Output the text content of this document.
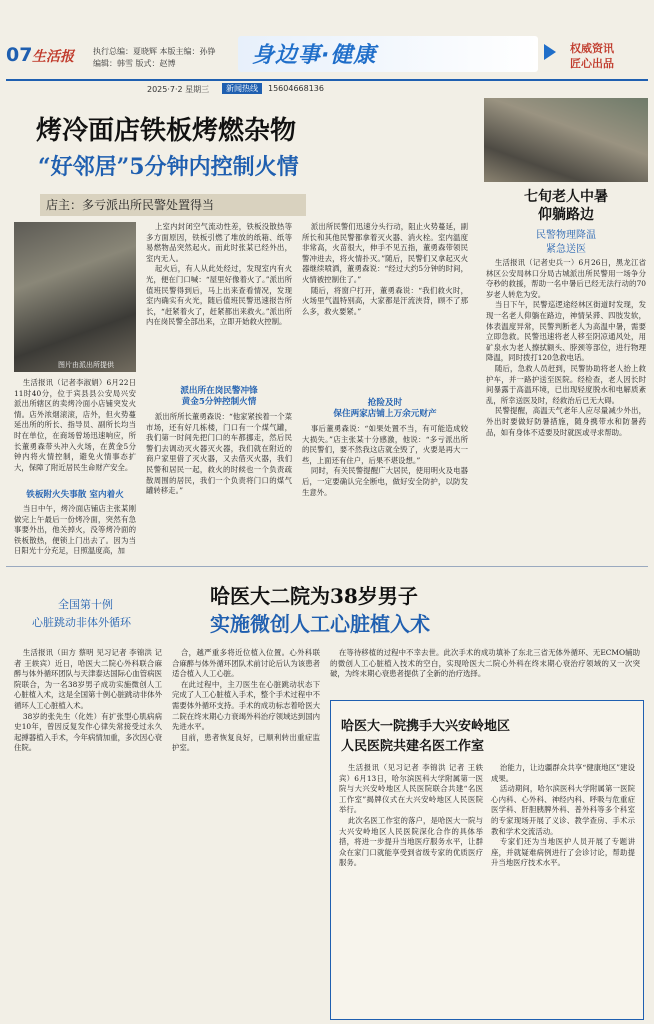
07 生活报 执行总编：夏晓辉 本版主编：孙铮
编辑：韩雪 版式：赵博	身边事·健康	权威资讯
匠心出品
2025·7·2 星期三	新闻热线	15604668136
烤冷面店铁板烤燃杂物
“好邻居”5分钟内控制火情
店主：多亏派出所民警处置得当
图片由派出所提供

生活报讯（记者李淑娟）6月22日11时40分，位于宾县县公安局兴安派出所辖区的卖烤冷面小店铺突发火情。店外浓烟滚滚，店外，但火势蔓延出所的所长、指导员、副所长均当时在单位，在商场曾场迅速响应，所长董勇森带头冲入火场，在黄金5分钟内将火情控制，避免火情事态扩大，保障了附近居民生命财产安全。

铁板附火失事散 室内着火

当日中午，烤冷面店铺店主张某刚做完上午最后一份烤冷面，突然有急事要外出，他关掉火，没等烤冷面的铁板散热，便锁上门出去了。因为当日阳光十分充足，日照温度高，加

上室内封闭空气流动性差，铁板没散热等多方面原因，铁板引燃了堆放的纸箱、纸等易燃物品突然起火。而此时张某已经外出，室内无人。

起火后，有人从此处经过，发现室内有火光，便在门口喊：“屋里好像着火了。”派出所值班民警得到后，马上出来查看情况，发现室内确实有火光，随后值班民警迅速报告所长，“赶紧着火了，赶紧都出来救火。”派出所内在岗民警全部出来，立即开始救火控制。

派出所在岗民警冲锋
黄金5分钟控制火情

派出所所长董勇森说：“他家紧挨着一个菜市场，还有好几栋楼，门口有一个煤气罐，我们第一时间先把门口的车都挪走，然后民警们去调动灭火器灭火器，我们就在附近的商户家里借了灭火器，又去借灭火器，我们民警和居民一起，救火的时候也一个负责疏散周围的居民，我们一个负责将门口的煤气罐转移走。”

派出所民警们迅速分头行动，阻止火势蔓延，副所长和其他民警都拿着灭火器、消火栓。室内温度非常高，火苗很大，伸手不见五指，董勇森带领民警冲进去，将火情扑灭。”随后，民警们又拿起灭火器继续喷洒，董勇森说：“经过大约5分钟的时间，火情被控制住了。”

随后，将窗户打开，董勇森说：“我们救火时，火场里气温特别高，大家都是汗流浃背，顾不了那么多，救火要紧。”

抢险及时
保住两家店铺上万余元财产

事后董勇森说：“如果处置不当，有可能造成较大损失。”店主张某十分感激，他说：“多亏派出所的民警们，要不然我这店就全毁了，火要是再大一些，上面还有住户，后果不堪设想。”

同时，有关民警提醒广大居民，使用明火及电器后，一定要确认完全断电，做好安全防护，以防发生意外。

七旬老人中暑
仰躺路边
民警物理降温
紧急送医

生活报讯（记者史兵一）6月26日，黑龙江省林区公安局林口分局古城派出所民警用一场争分夺秒的救援，帮助一名中暑后已经无法行动的70岁老人转危为安。

当日下午，民警巡逻途经林区街道时发现，发现一名老人仰躺在路边，神情呆滞、四肢发软，体表温度异常，民警判断老人为高温中暑，需要立即急救。民警迅速将老人移至阴凉通风处，用矿泉水为老人擦拭额头、脖颈等部位，进行物理降温，同时拨打120急救电话。

随后，急救人员赶到，民警协助将老人抬上救护车，并一路护送至医院。经检查，老人因长时间暴露于高温环境，已出现轻度脱水和电解质紊乱，所幸送医及时，经救治后已无大碍。

民警提醒，高温天气老年人应尽量减少外出，外出时要做好防暑措施，随身携带水和防暑药品，如有身体不适要及时就医或寻求帮助。

全国第十例
心脏跳动非体外循环
哈医大二院为38岁男子
实施微创人工心脏植入术

生活报讯（田方 蔡明 见习记者 李锦洪 记者 王轶宾）近日，哈医大二院心外科联合麻醉与体外循环团队与天津泰达国际心血管病医院联合，为一名38岁男子成功实施微创人工心脏植入术，这是全国第十例心脏跳动非体外循环人工心脏植入术。

38岁的张先生（化姓）有扩张型心肌病病史10年，曾因反复发作心律失常接受过永久起搏器植入手术，今年病情加重，多次因心衰住院。

合，越严重多将近位植入位置。心外科联合麻醉与体外循环团队术前讨论后认为该患者适合植入人工心脏。

在此过程中，主刀医生在心脏跳动状态下完成了人工心脏植入手术，整个手术过程中不需要体外循环支持。手术的成功标志着哈医大二院在终末期心力衰竭外科治疗领域达到国内先进水平。

目前，患者恢复良好，已顺利转出重症监护室。

在等待移植的过程中不幸去世。此次手术的成功填补了东北三省无体外循环、无ECMO辅助的微创人工心脏植入技术的空白，实现哈医大二院心外科在终末期心衰治疗领域的又一次突破，为终末期心衰患者提供了全新的治疗选择。

哈医大一院携手大兴安岭地区
人民医院共建名医工作室

生活报讯（见习记者 李锦洪 记者 王轶宾）6月13日，哈尔滨医科大学附属第一医院与大兴安岭地区人民医院联合共建“名医工作室”揭牌仪式在大兴安岭地区人民医院举行。

此次名医工作室的落户，是哈医大一院与大兴安岭地区人民医院深化合作的具体举措，将进一步提升当地医疗服务水平，让群众在家门口就能享受到省级专家的优质医疗服务。

治能力，让边疆群众共享“健康地区”建设成果。

活动期间，哈尔滨医科大学附属第一医院心内科、心外科、神经内科、呼吸与危重症医学科、肝胆胰脾外科、普外科等多个科室的专家现场开展了义诊、教学查房、手术示教和学术交流活动。

专家们还为当地医护人员开展了专题讲座，并就疑难病例进行了会诊讨论，帮助提升当地医疗技术水平。
